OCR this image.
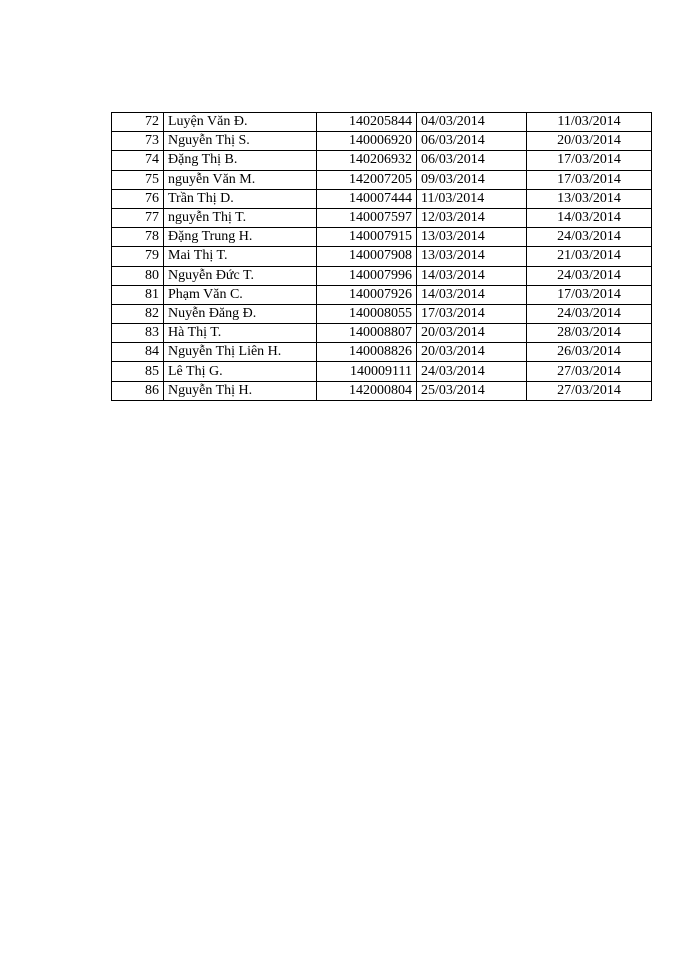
72	Luyện Văn Đ.	140205844	04/03/2014	11/03/2014
73	Nguyễn Thị S.	140006920	06/03/2014	20/03/2014
74	Đặng Thị B.	140206932	06/03/2014	17/03/2014
75	nguyễn Văn M.	142007205	09/03/2014	17/03/2014
76	Trần Thị D.	140007444	11/03/2014	13/03/2014
77	nguyễn Thị T.	140007597	12/03/2014	14/03/2014
78	Đặng Trung H.	140007915	13/03/2014	24/03/2014
79	Mai Thị T.	140007908	13/03/2014	21/03/2014
80	Nguyễn Đức T.	140007996	14/03/2014	24/03/2014
81	Phạm Văn C.	140007926	14/03/2014	17/03/2014
82	Nuyễn Đăng Đ.	140008055	17/03/2014	24/03/2014
83	Hà Thị T.	140008807	20/03/2014	28/03/2014
84	Nguyễn Thị Liên H.	140008826	20/03/2014	26/03/2014
85	Lê Thị G.	140009111	24/03/2014	27/03/2014
86	Nguyễn Thị H.	142000804	25/03/2014	27/03/2014
